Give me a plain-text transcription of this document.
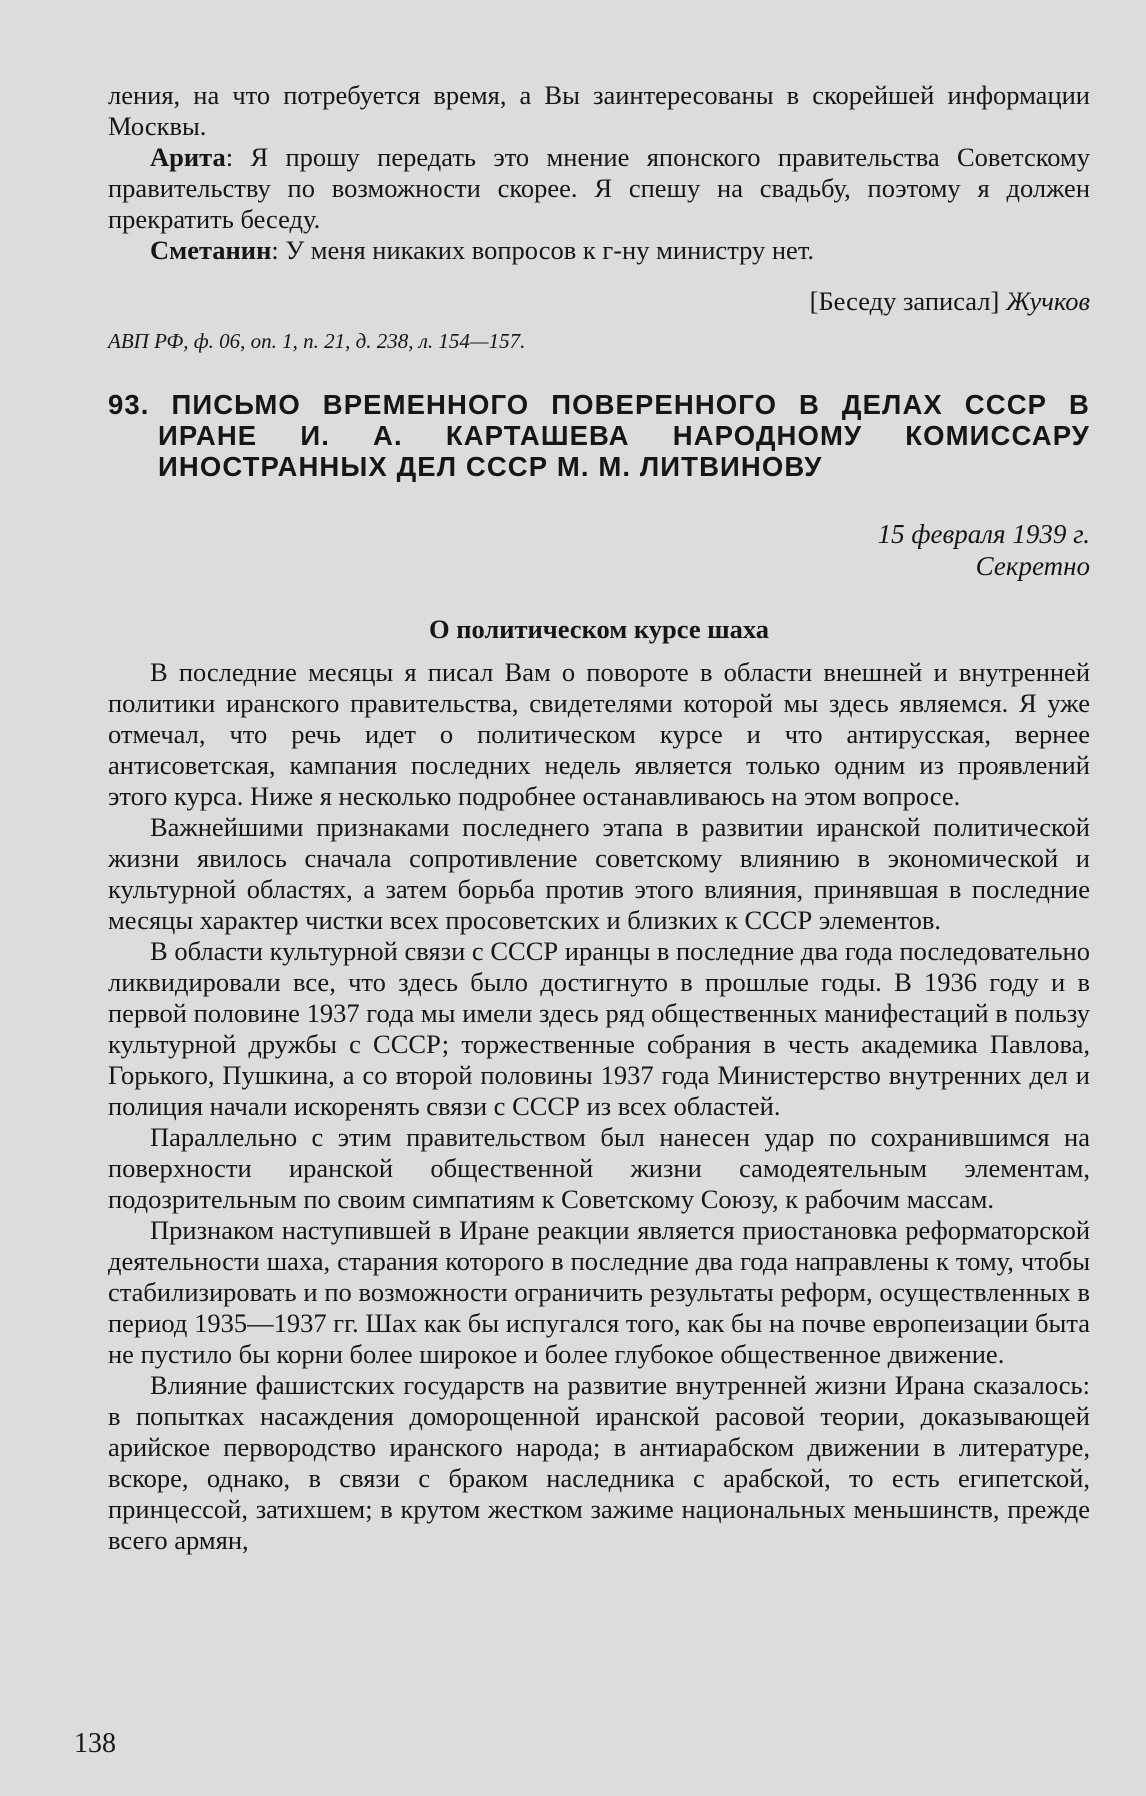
ления, на что потребуется время, а Вы заинтересованы в скорейшей информации Москвы.

Арита: Я прошу передать это мнение японского правительства Советскому правительству по возможности скорее. Я спешу на свадьбу, поэтому я должен прекратить беседу.

Сметанин: У меня никаких вопросов к г-ну министру нет.

[Беседу записал] Жучков

АВП РФ, ф. 06, оп. 1, п. 21, д. 238, л. 154—157.

93. ПИСЬМО ВРЕМЕННОГО ПОВЕРЕННОГО В ДЕЛАХ СССР В ИРАНЕ И. А. КАРТАШЕВА НАРОДНОМУ КОМИССАРУ ИНОСТРАННЫХ ДЕЛ СССР М. М. ЛИТВИНОВУ

15 февраля 1939 г.
Секретно

О политическом курсе шаха

В последние месяцы я писал Вам о повороте в области внешней и внутренней политики иранского правительства, свидетелями которой мы здесь являемся. Я уже отмечал, что речь идет о политическом курсе и что антирусская, вернее антисоветская, кампания последних недель является только одним из проявлений этого курса. Ниже я несколько подробнее останавливаюсь на этом вопросе.

Важнейшими признаками последнего этапа в развитии иранской политической жизни явилось сначала сопротивление советскому влиянию в экономической и культурной областях, а затем борьба против этого влияния, принявшая в последние месяцы характер чистки всех просоветских и близких к СССР элементов.

В области культурной связи с СССР иранцы в последние два года последовательно ликвидировали все, что здесь было достигнуто в прошлые годы. В 1936 году и в первой половине 1937 года мы имели здесь ряд общественных манифестаций в пользу культурной дружбы с СССР; торжественные собрания в честь академика Павлова, Горького, Пушкина, а со второй половины 1937 года Министерство внутренних дел и полиция начали искоренять связи с СССР из всех областей.

Параллельно с этим правительством был нанесен удар по сохранившимся на поверхности иранской общественной жизни самодеятельным элементам, подозрительным по своим симпатиям к Советскому Союзу, к рабочим массам.

Признаком наступившей в Иране реакции является приостановка реформаторской деятельности шаха, старания которого в последние два года направлены к тому, чтобы стабилизировать и по возможности ограничить результаты реформ, осуществленных в период 1935—1937 гг. Шах как бы испугался того, как бы на почве европеизации быта не пустило бы корни более широкое и более глубокое общественное движение.

Влияние фашистских государств на развитие внутренней жизни Ирана сказалось: в попытках насаждения доморощенной иранской расовой теории, доказывающей арийское первородство иранского народа; в антиарабском движении в литературе, вскоре, однако, в связи с браком наследника с арабской, то есть египетской, принцессой, затихшем; в крутом жестком зажиме национальных меньшинств, прежде всего армян,

138
